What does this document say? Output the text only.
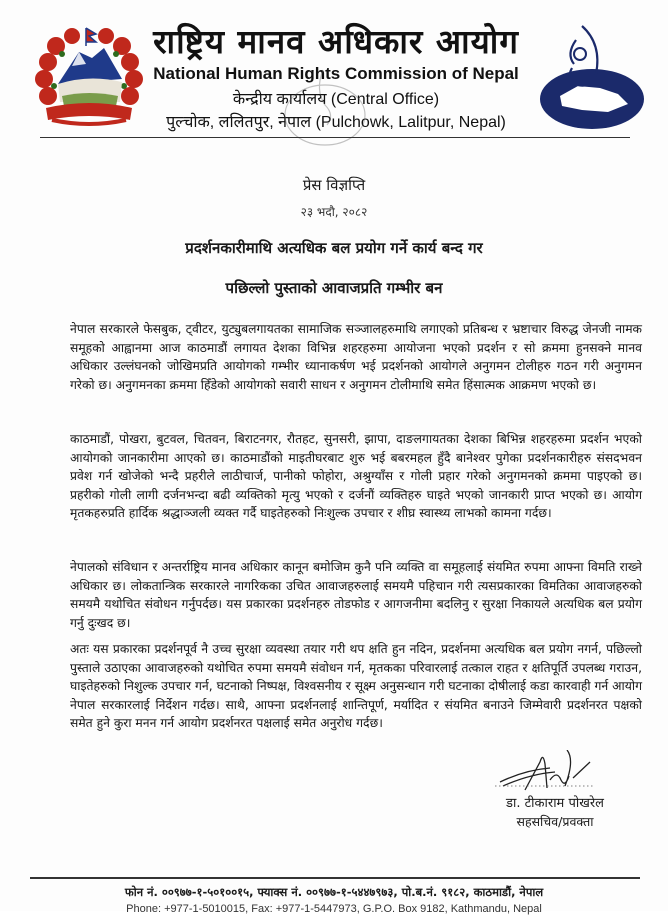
राष्ट्रिय मानव अधिकार आयोग
National Human Rights Commission of Nepal
केन्द्रीय कार्यालय (Central Office)
पुल्चोक, ललितपुर, नेपाल (Pulchowk, Lalitpur, Nepal)
प्रेस विज्ञप्ति
२३ भदौ, २०८२
प्रदर्शनकारीमाथि अत्यधिक बल प्रयोग गर्ने कार्य बन्द गर
पछिल्लो पुस्ताको आवाजप्रति गम्भीर बन
नेपाल सरकारले फेसबुक, ट्वीटर, युट्युबलगायतका सामाजिक सञ्जालहरुमाथि लगाएको प्रतिबन्ध र भ्रष्टाचार विरुद्ध जेनजी नामक समूहको आह्वानमा आज काठमाडौं लगायत देशका विभिन्न शहरहरुमा आयोजना भएको प्रदर्शन र सो क्रममा हुनसक्ने मानव अधिकार उल्लंघनको जोखिमप्रति आयोगको गम्भीर ध्यानाकर्षण भई प्रदर्शनको आयोगले अनुगमन टोलीहरु गठन गरी अनुगमन गरेको छ। अनुगमनका क्रममा हिँडेको आयोगको सवारी साधन र अनुगमन टोलीमाथि समेत हिंसात्मक आक्रमण भएको छ।
काठमाडौं, पोखरा, बुटवल, चितवन, बिराटनगर, रौतहट, सुनसरी, झापा, दाङलगायतका देशका बिभिन्न शहरहरुमा प्रदर्शन भएको आयोगको जानकारीमा आएको छ। काठमाडौंको माइतीघरबाट शुरु भई बबरमहल हुँदै बानेश्वर पुगेका प्रदर्शनकारीहरु संसदभवन प्रवेश गर्न खोजेको भन्दै प्रहरीले लाठीचार्ज, पानीको फोहोरा, अश्रुग्याँस र गोली प्रहार गरेको अनुगमनको क्रममा पाइएको छ। प्रहरीको गोली लागी दर्जनभन्दा बढी व्यक्तिको मृत्यु भएको र दर्जनौं व्यक्तिहरु घाइते भएको जानकारी प्राप्त भएको छ। आयोग मृतकहरुप्रति हार्दिक श्रद्धाञ्जली व्यक्त गर्दै घाइतेहरुको निःशुल्क उपचार र शीघ्र स्वास्थ्य लाभको कामना गर्दछ।
नेपालको संविधान र अन्तर्राष्ट्रिय मानव अधिकार कानून बमोजिम कुनै पनि व्यक्ति वा समूहलाई संयमित रुपमा आफ्ना विमति राख्ने अधिकार छ। लोकतान्त्रिक सरकारले नागरिकका उचित आवाजहरुलाई समयमै पहिचान गरी त्यसप्रकारका विमतिका आवाजहरुको समयमै यथोचित संवोधन गर्नुपर्दछ। यस प्रकारका प्रदर्शनहरु तोडफोड र आगजनीमा बदलिनु र सुरक्षा निकायले अत्यधिक बल प्रयोग गर्नु दुःखद छ।
अतः यस प्रकारका प्रदर्शनपूर्व नै उच्च सुरक्षा व्यवस्था तयार गरी थप क्षति हुन नदिन, प्रदर्शनमा अत्यधिक बल प्रयोग नगर्न, पछिल्लो पुस्ताले उठाएका आवाजहरुको यथोचित रुपमा समयमै संवोधन गर्न, मृतकका परिवारलाई तत्काल राहत र क्षतिपूर्ति उपलब्ध गराउन, घाइतेहरुको निशुल्क उपचार गर्न, घटनाको निष्पक्ष, विश्वसनीय र सूक्ष्म अनुसन्धान गरी घटनाका दोषीलाई कडा कारवाही गर्न आयोग नेपाल सरकारलाई निर्देशन गर्दछ। साथै, आफ्ना प्रदर्शनलाई शान्तिपूर्ण, मर्यादित र संयमित बनाउने जिम्मेवारी प्रदर्शनरत पक्षको समेत हुने कुरा मनन गर्न आयोग प्रदर्शनरत पक्षलाई समेत अनुरोध गर्दछ।
डा. टीकाराम पोखरेल
सहसचिव/प्रवक्ता
फोन नं. ००९७७-१-५०१००१५, फ्याक्स नं. ००९७७-१-५४४७९७३, पो.ब.नं. ९१८२, काठमाडौं, नेपाल
Phone: +977-1-5010015, Fax: +977-1-5447973, G.P.O. Box 9182, Kathmandu, Nepal
